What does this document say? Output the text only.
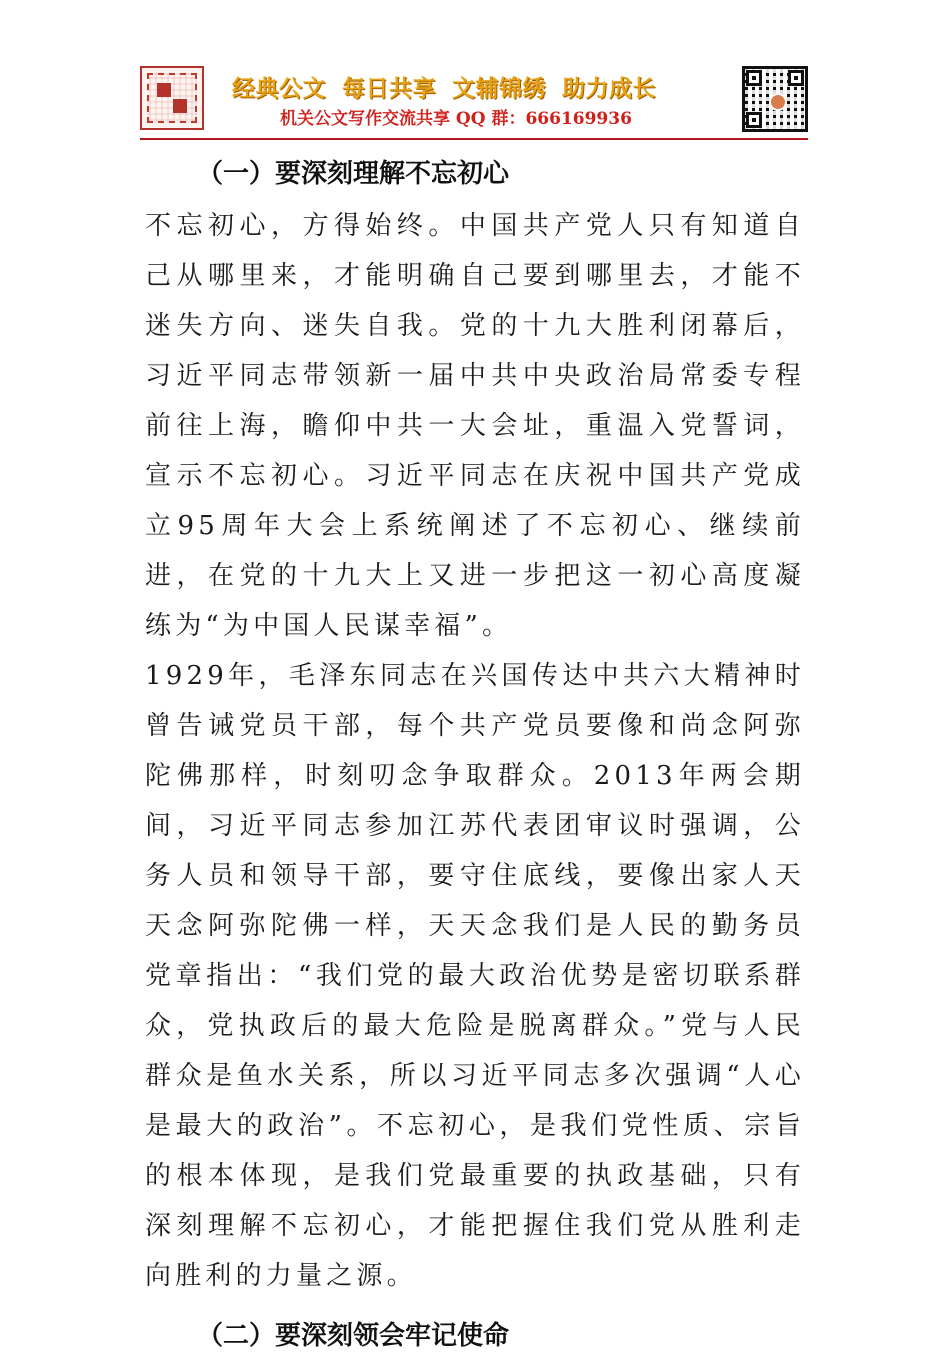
经典公文 每日共享 文辅锦绣 助力成长
机关公文写作交流共享 QQ 群：666169936
（一）要深刻理解不忘初心

不忘初心，方得始终。中国共产党人只有知道自己从哪里来，才能明确自己要到哪里去，才能不迷失方向、迷失自我。党的十九大胜利闭幕后，习近平同志带领新一届中共中央政治局常委专程前往上海，瞻仰中共一大会址，重温入党誓词，宣示不忘初心。习近平同志在庆祝中国共产党成立95周年大会上系统阐述了不忘初心、继续前进，在党的十九大上又进一步把这一初心高度凝练为“为中国人民谋幸福”。

1929年，毛泽东同志在兴国传达中共六大精神时曾告诫党员干部，每个共产党员要像和尚念阿弥陀佛那样，时刻叨念争取群众。2013年两会期间，习近平同志参加江苏代表团审议时强调，公务人员和领导干部，要守住底线，要像出家人天天念阿弥陀佛一样，天天念我们是人民的勤务员党章指出：“我们党的最大政治优势是密切联系群众，党执政后的最大危险是脱离群众。”党与人民群众是鱼水关系，所以习近平同志多次强调“人心是最大的政治”。不忘初心，是我们党性质、宗旨的根本体现，是我们党最重要的执政基础，只有深刻理解不忘初心，才能把握住我们党从胜利走向胜利的力量之源。

（二）要深刻领会牢记使命
